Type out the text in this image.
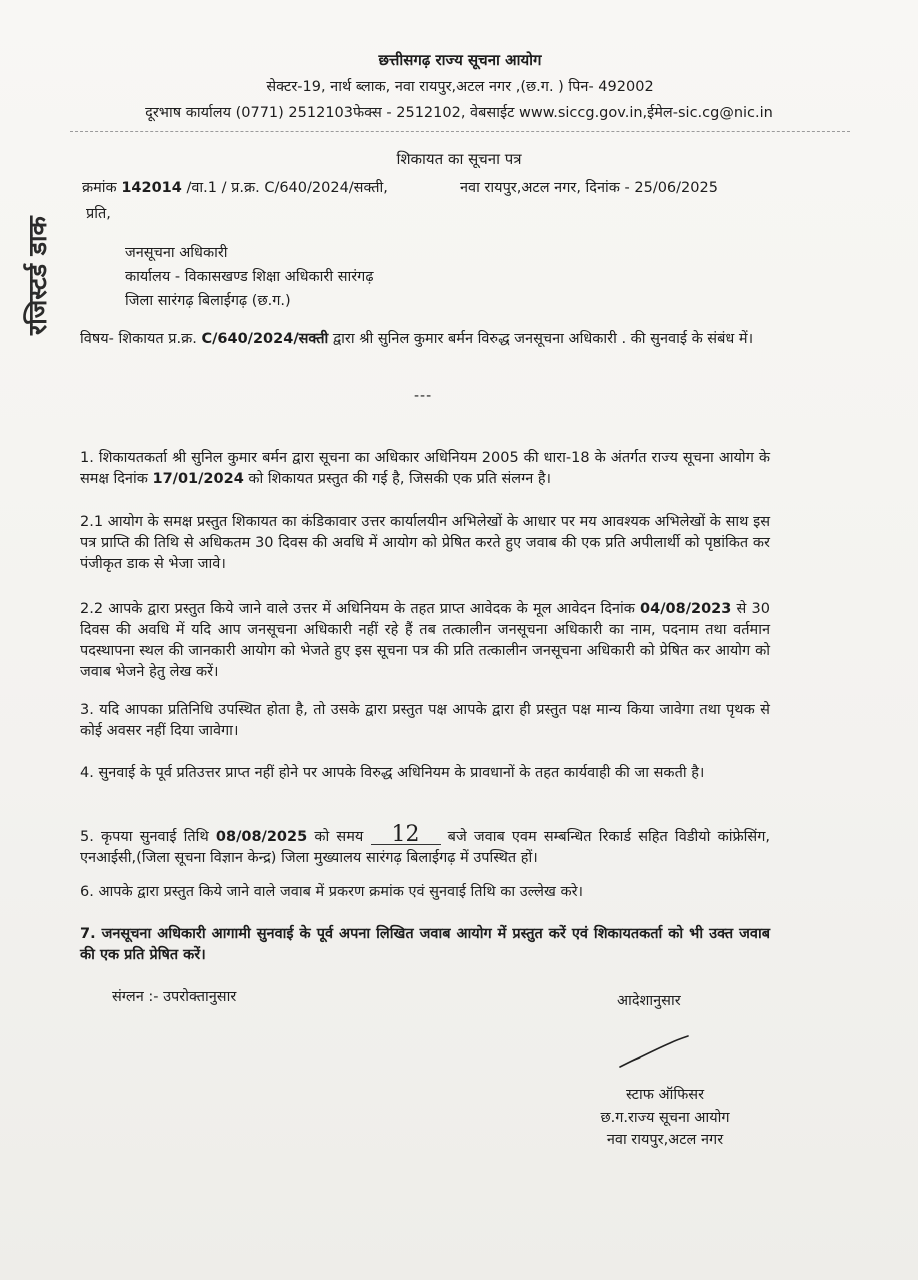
छत्तीसगढ़ राज्य सूचना आयोग
सेक्टर-19, नार्थ ब्लाक, नवा रायपुर,अटल नगर ,(छ.ग. ) पिन- 492002
दूरभाष कार्यालय (0771) 2512103फेक्स - 2512102, वेबसाईट www.siccg.gov.in,ईमेल-sic.cg@nic.in
रजिस्टर्ड डाक
शिकायत का सूचना पत्र
क्रमांक 142014 /वा.1 / प्र.क्र. C/640/2024/सक्ती,	नवा रायपुर,अटल नगर, दिनांक - 25/06/2025
प्रति,
जनसूचना अधिकारी
कार्यालय - विकासखण्ड शिक्षा अधिकारी सारंगढ़
जिला सारंगढ़ बिलाईगढ़ (छ.ग.)
विषय- शिकायत प्र.क्र. C/640/2024/सक्ती द्वारा श्री सुनिल कुमार बर्मन विरुद्ध जनसूचना अधिकारी . की सुनवाई के संबंध में।
---
1. शिकायतकर्ता श्री सुनिल कुमार बर्मन द्वारा सूचना का अधिकार अधिनियम 2005 की धारा-18 के अंतर्गत राज्य सूचना आयोग के समक्ष दिनांक 17/01/2024 को शिकायत प्रस्तुत की गई है, जिसकी एक प्रति संलग्न है।
2.1 आयोग के समक्ष प्रस्तुत शिकायत का कंडिकावार उत्तर कार्यालयीन अभिलेखों के आधार पर मय आवश्यक अभिलेखों के साथ इस पत्र प्राप्ति की तिथि से अधिकतम 30 दिवस की अवधि में आयोग को प्रेषित करते हुए जवाब की एक प्रति अपीलार्थी को पृष्ठांकित कर पंजीकृत डाक से भेजा जावे।
2.2 आपके द्वारा प्रस्तुत किये जाने वाले उत्तर में अधिनियम के तहत प्राप्त आवेदक के मूल आवेदन दिनांक 04/08/2023 से 30 दिवस की अवधि में यदि आप जनसूचना अधिकारी नहीं रहे हैं तब तत्कालीन जनसूचना अधिकारी का नाम, पदनाम तथा वर्तमान पदस्थापना स्थल की जानकारी आयोग को भेजते हुए इस सूचना पत्र की प्रति तत्कालीन जनसूचना अधिकारी को प्रेषित कर आयोग को जवाब भेजने हेतु लेख करें।
3. यदि आपका प्रतिनिधि उपस्थित होता है, तो उसके द्वारा प्रस्तुत पक्ष आपके द्वारा ही प्रस्तुत पक्ष मान्य किया जावेगा तथा पृथक से कोई अवसर नहीं दिया जावेगा।
4. सुनवाई के पूर्व प्रतिउत्तर प्राप्त नहीं होने पर आपके विरुद्ध अधिनियम के प्रावधानों के तहत कार्यवाही की जा सकती है।
5. कृपया सुनवाई तिथि 08/08/2025 को समय 12 बजे जवाब एवम सम्बन्धित रिकार्ड सहित विडीयो कांफ्रेसिंग, एनआईसी,(जिला सूचना विज्ञान केन्द्र) जिला मुख्यालय सारंगढ़ बिलाईगढ़ में उपस्थित हों।
6. आपके द्वारा प्रस्तुत किये जाने वाले जवाब में प्रकरण क्रमांक एवं सुनवाई तिथि का उल्लेख करे।
7. जनसूचना अधिकारी आगामी सुनवाई के पूर्व अपना लिखित जवाब आयोग में प्रस्तुत करें एवं शिकायतकर्ता को भी उक्त जवाब की एक प्रति प्रेषित करें।
संग्लन :- उपरोक्तानुसार	आदेशानुसार
स्टाफ ऑफिसर
छ.ग.राज्य सूचना आयोग
नवा रायपुर,अटल नगर
